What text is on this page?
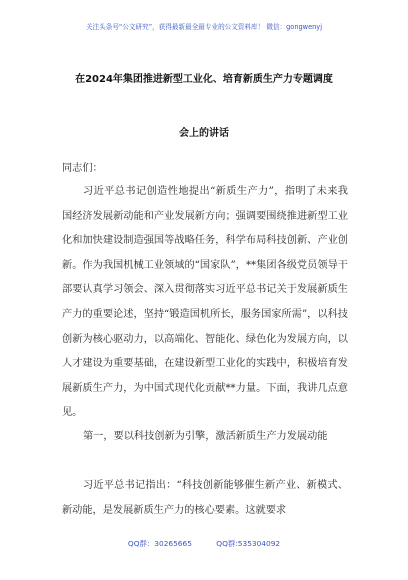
关注头条号“公文研究”，获得最新最全最专业的公文资料库！ 微信：gongwenyj
在2024年集团推进新型工业化、培育新质生产力专题调度
会上的讲话
同志们：
习近平总书记创造性地提出“新质生产力”，指明了未来我国经济发展新动能和产业发展新方向；强调要围绕推进新型工业化和加快建设制造强国等战略任务，科学布局科技创新、产业创新。作为我国机械工业领域的“国家队”，**集团各级党员领导干部要认真学习领会、深入贯彻落实习近平总书记关于发展新质生产力的重要论述，坚持“锻造国机所长，服务国家所需”，以科技创新为核心驱动力，以高端化、智能化、绿色化为发展方向，以人才建设为重要基础，在建设新型工业化的实践中，积极培育发展新质生产力，为中国式现代化贡献**力量。下面，我讲几点意见。
第一，要以科技创新为引擎，激活新质生产力发展动能
习近平总书记指出：“科技创新能够催生新产业、新模式、新动能，是发展新质生产力的核心要素。这就要求
QQ群：30265665	QQ群:535304092
